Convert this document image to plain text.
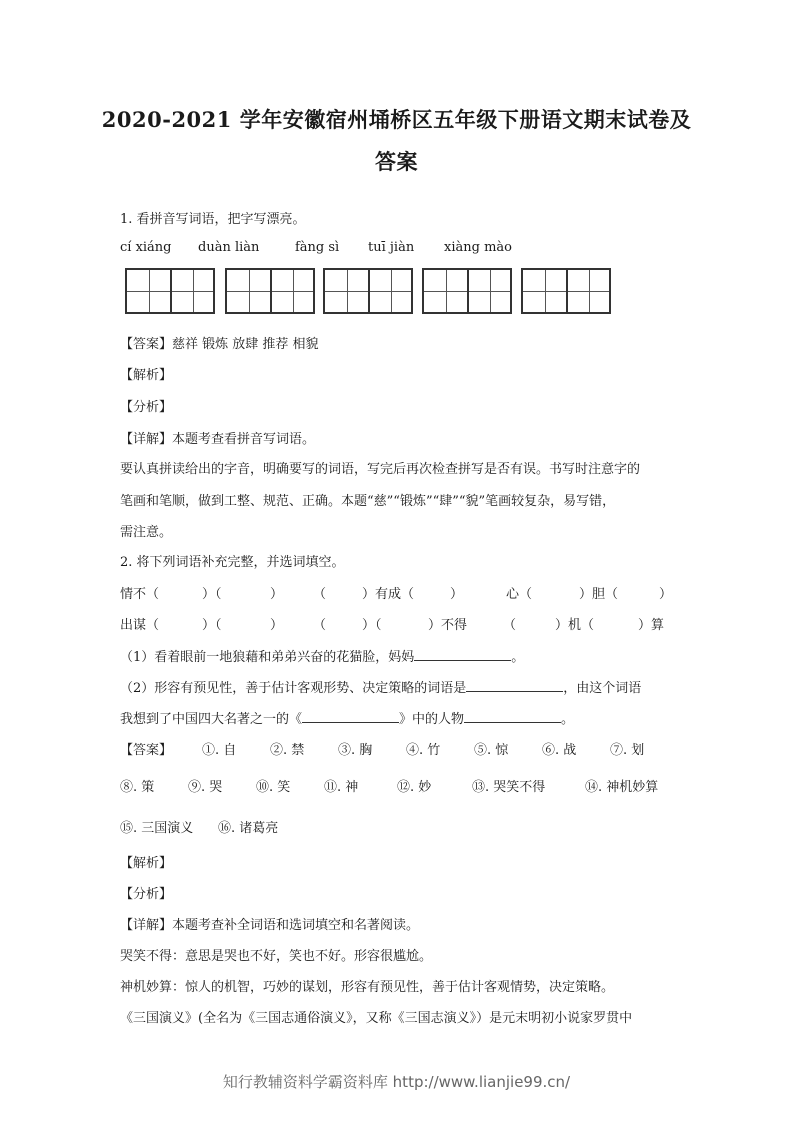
2020-2021 学年安徽宿州埇桥区五年级下册语文期末试卷及
答案
1. 看拼音写词语，把字写漂亮。
cí xiáng duàn liàn	fàng sì tuī jiàn xiàng mào
【答案】慈祥 锻炼 放肆 推荐 相貌
【解析】
【分析】
【详解】本题考查看拼音写词语。
要认真拼读给出的字音，明确要写的词语，写完后再次检查拼写是否有误。书写时注意字的
笔画和笔顺，做到工整、规范、正确。本题“慈”“锻炼”“肆”“貌”笔画较复杂，易写错，
需注意。
2. 将下列词语补充完整，并选词填空。
情不（	）（	） （	）有成（	）	心（	）胆（	）
出谋（	）（	） （	）（	）不得	（	）机（	）算
（1）看着眼前一地狼藉和弟弟兴奋的花猫脸，妈妈	。
（2）形容有预见性，善于估计客观形势、决定策略的词语是	，由这个词语
我想到了中国四大名著之一的《	》中的人物	。
【答案】 ①. 自	②. 禁	③. 胸	④. 竹	⑤. 惊	⑥. 战	⑦. 划
⑧. 策	⑨. 哭	⑩. 笑	⑪. 神	⑫. 妙	⑬. 哭笑不得	⑭. 神机妙算
⑮. 三国演义 ⑯. 诸葛亮
【解析】
【分析】
【详解】本题考查补全词语和选词填空和名著阅读。
哭笑不得：意思是哭也不好，笑也不好。形容很尴尬。
神机妙算：惊人的机智，巧妙的谋划，形容有预见性，善于估计客观情势，决定策略。
《三国演义》(全名为《三国志通俗演义》，又称《三国志演义》）是元末明初小说家罗贯中
知行教辅资料学霸资料库 http://www.lianjie99.cn/
